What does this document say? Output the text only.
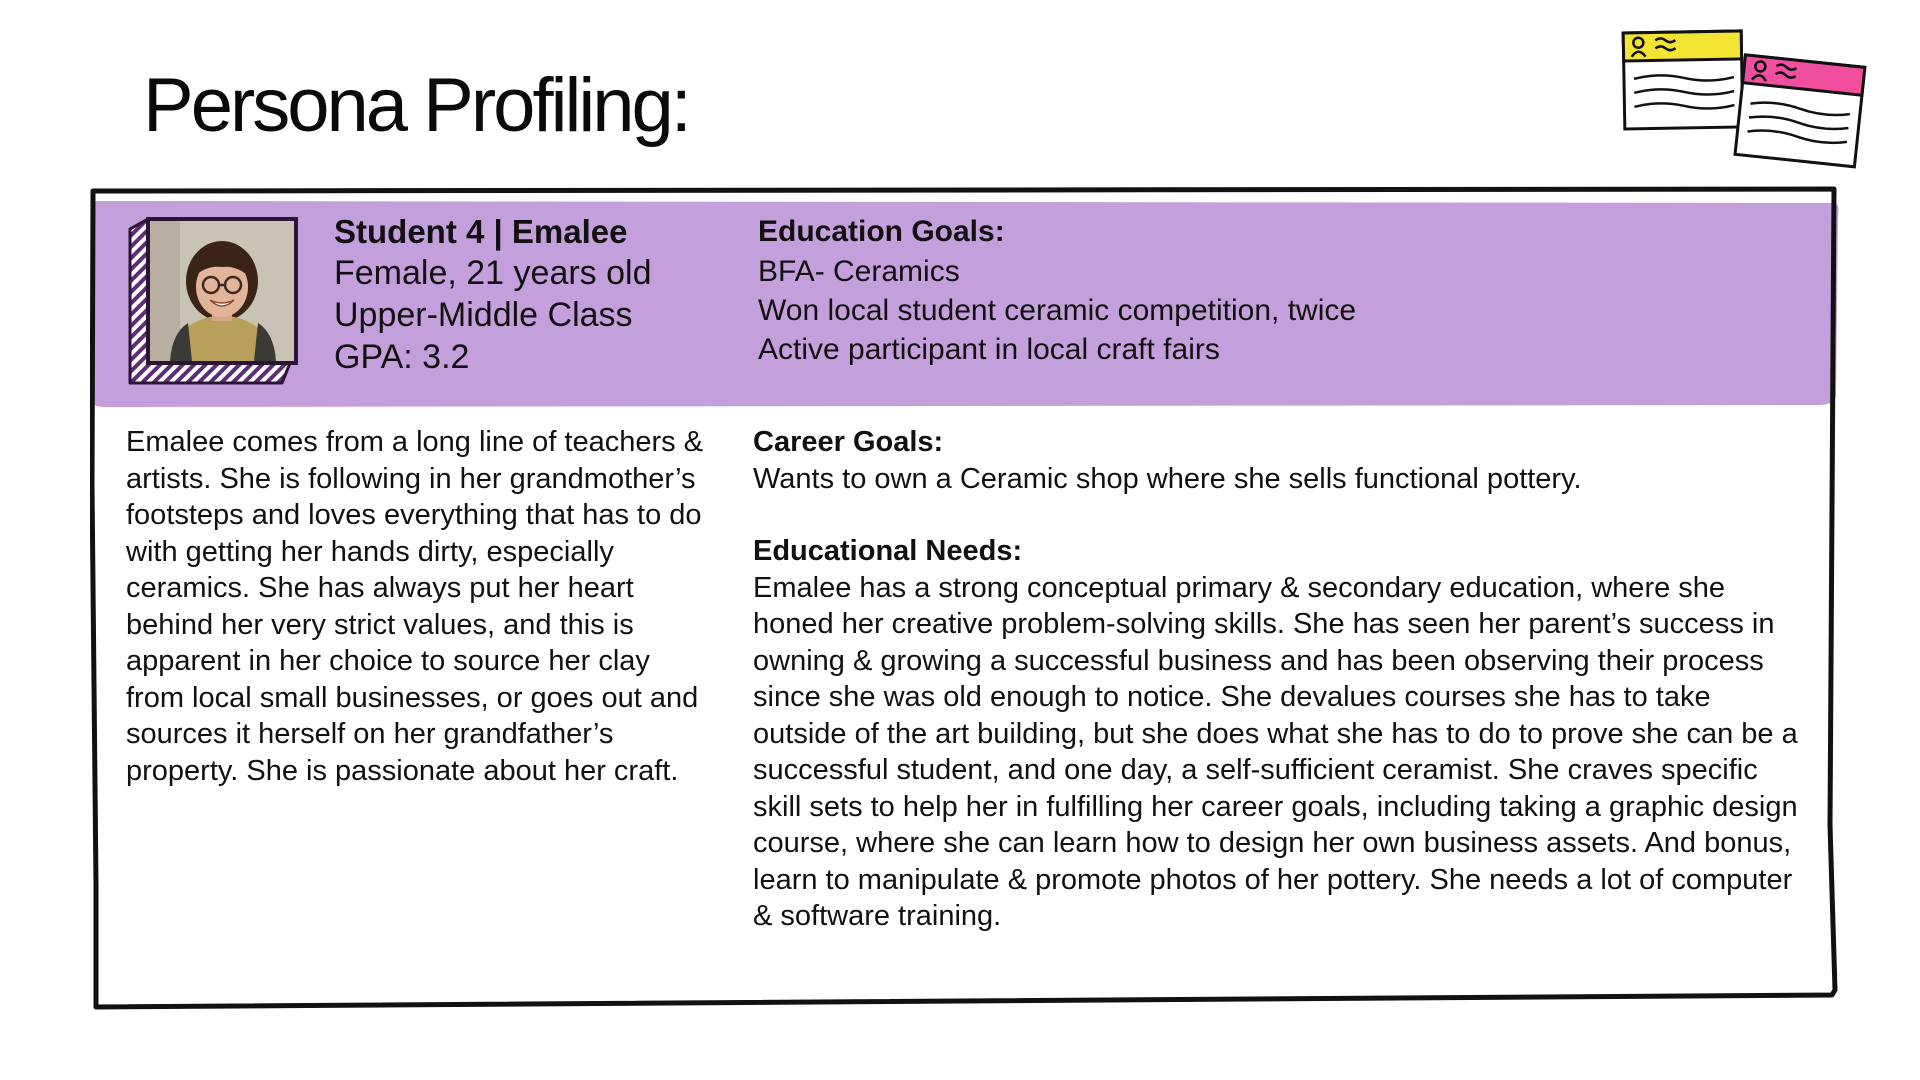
Persona Profiling:
Student 4 | Emalee
Female, 21 years old
Upper-Middle Class
GPA: 3.2
Education Goals:
BFA- Ceramics
Won local student ceramic competition, twice
Active participant in local craft fairs
Emalee comes from a long line of teachers & artists. She is following in her grandmother’s footsteps and loves everything that has to do with getting her hands dirty, especially ceramics. She has always put her heart behind her very strict values, and this is apparent in her choice to source her clay from local small businesses, or goes out and sources it herself on her grandfather’s property. She is passionate about her craft.
Career Goals:
Wants to own a Ceramic shop where she sells functional pottery.
Educational Needs:
Emalee has a strong conceptual primary & secondary education, where she honed her creative problem-solving skills. She has seen her parent’s success in owning & growing a successful business and has been observing their process since she was old enough to notice. She devalues courses she has to take outside of the art building, but she does what she has to do to prove she can be a successful student, and one day, a self-sufficient ceramist. She craves specific skill sets to help her in fulfilling her career goals, including taking a graphic design course, where she can learn how to design her own business assets. And bonus, learn to manipulate & promote photos of her pottery. She needs a lot of computer & software training.
